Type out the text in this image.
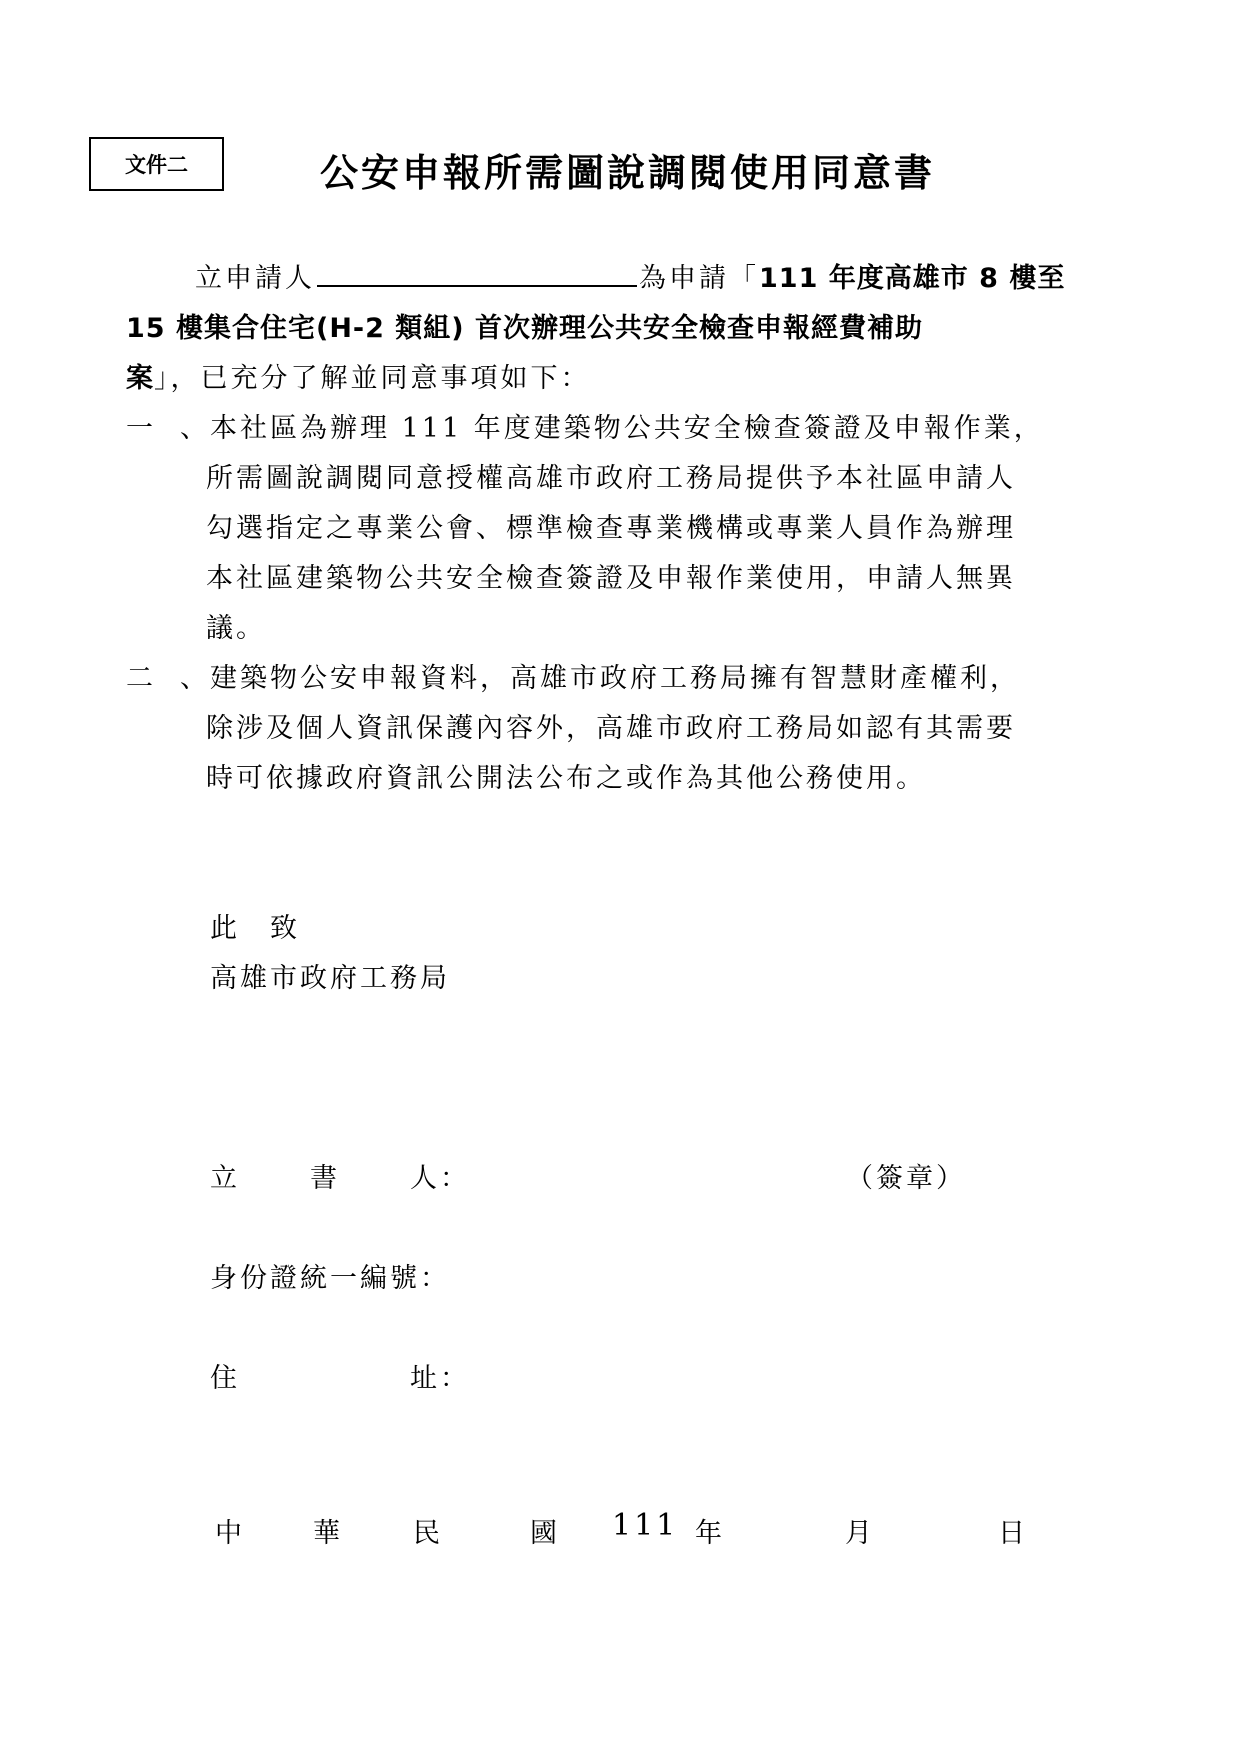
文件二	公安申報所需圖說調閱使用同意書
立申請人	為申請「111 年度高雄市 8 樓至
15 樓集合住宅(H-2 類組) 首次辦理公共安全檢查申報經費補助
案」，已充分了解並同意事項如下：
一　、 本社區為辦理 111 年度建築物公共安全檢查簽證及申報作業，
所需圖說調閱同意授權高雄市政府工務局提供予本社區申請人
勾選指定之專業公會、標準檢查專業機構或專業人員作為辦理
本社區建築物公共安全檢查簽證及申報作業使用，申請人無異
議。
二　、 建築物公安申報資料，高雄市政府工務局擁有智慧財產權利，
除涉及個人資訊保護內容外，高雄市政府工務局如認有其需要
時可依據政府資訊公開法公布之或作為其他公務使用。
此　致
高雄市政府工務局
立	書	人：	（簽章）
身份證統一編號：
住	址：
中	華	民	國 111 年	月	日
